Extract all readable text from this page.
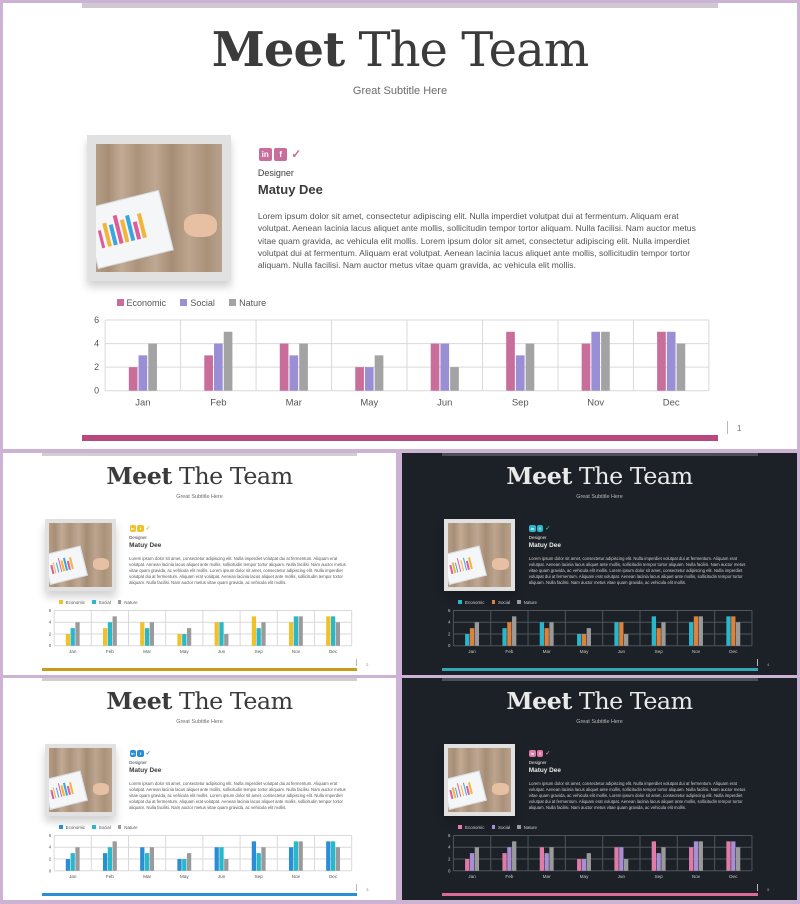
Meet The Team
Great Subtitle Here
in	f ✓
Designer
Matuy Dee
Lorem ipsum dolor sit amet, consectetur adipiscing elit. Nulla imperdiet volutpat dui at fermentum. Aliquam erat volutpat. Aenean lacinia lacus aliquet ante mollis, sollicitudin tempor tortor aliquam. Nulla facilisi. Nam auctor metus vitae quam gravida, ac vehicula elit mollis. Lorem ipsum dolor sit amet, consectetur adipiscing elit. Nulla imperdiet volutpat dui at fermentum. Aliquam erat volutpat. Aenean lacinia lacus aliquet ante mollis, sollicitudin tempor tortor aliquam. Nulla facilisi. Nam auctor metus vitae quam gravida, ac vehicula elit mollis.
Economic	Social	Nature
0
2
4
6
Jan	Feb	Mar	May	Jun	Sep	Nov	Dec
1
Meet The Team
Great Subtitle Here
in	f ✓
Designer
Matuy Dee
Lorem ipsum dolor sit amet, consectetur adipiscing elit. Nulla imperdiet volutpat dui at fermentum. Aliquam erat volutpat. Aenean lacinia lacus aliquet ante mollis, sollicitudin tempor tortor aliquam. Nulla facilisi. Nam auctor metus vitae quam gravida, ac vehicula elit mollis. Lorem ipsum dolor sit amet, consectetur adipiscing elit. Nulla imperdiet volutpat dui at fermentum. Aliquam erat volutpat. Aenean lacinia lacus aliquet ante mollis, sollicitudin tempor tortor aliquam. Nulla facilisi. Nam auctor metus vitae quam gravida, ac vehicula elit mollis.
Economic	Social	Nature
0
2
4
6
Jan	Feb	Mar	May	Jun	Sep	Nov	Dec
2
Meet The Team
Great Subtitle Here
in	f ✓
Designer
Matuy Dee
Lorem ipsum dolor sit amet, consectetur adipiscing elit. Nulla imperdiet volutpat dui at fermentum. Aliquam erat volutpat. Aenean lacinia lacus aliquet ante mollis, sollicitudin tempor tortor aliquam. Nulla facilisi. Nam auctor metus vitae quam gravida, ac vehicula elit mollis. Lorem ipsum dolor sit amet, consectetur adipiscing elit. Nulla imperdiet volutpat dui at fermentum. Aliquam erat volutpat. Aenean lacinia lacus aliquet ante mollis, sollicitudin tempor tortor aliquam. Nulla facilisi. Nam auctor metus vitae quam gravida, ac vehicula elit mollis.
Economic	Social	Nature
0
2
4
6
Jan	Feb	Mar	May	Jun	Sep	Nov	Dec
4
Meet The Team
Great Subtitle Here
in	f ✓
Designer
Matuy Dee
Lorem ipsum dolor sit amet, consectetur adipiscing elit. Nulla imperdiet volutpat dui at fermentum. Aliquam erat volutpat. Aenean lacinia lacus aliquet ante mollis, sollicitudin tempor tortor aliquam. Nulla facilisi. Nam auctor metus vitae quam gravida, ac vehicula elit mollis. Lorem ipsum dolor sit amet, consectetur adipiscing elit. Nulla imperdiet volutpat dui at fermentum. Aliquam erat volutpat. Aenean lacinia lacus aliquet ante mollis, sollicitudin tempor tortor aliquam. Nulla facilisi. Nam auctor metus vitae quam gravida, ac vehicula elit mollis.
Economic	Social	Nature
0
2
4
6
Jan	Feb	Mar	May	Jun	Sep	Nov	Dec
3
Meet The Team
Great Subtitle Here
in	f ✓
Designer
Matuy Dee
Lorem ipsum dolor sit amet, consectetur adipiscing elit. Nulla imperdiet volutpat dui at fermentum. Aliquam erat volutpat. Aenean lacinia lacus aliquet ante mollis, sollicitudin tempor tortor aliquam. Nulla facilisi. Nam auctor metus vitae quam gravida, ac vehicula elit mollis. Lorem ipsum dolor sit amet, consectetur adipiscing elit. Nulla imperdiet volutpat dui at fermentum. Aliquam erat volutpat. Aenean lacinia lacus aliquet ante mollis, sollicitudin tempor tortor aliquam. Nulla facilisi. Nam auctor metus vitae quam gravida, ac vehicula elit mollis.
Economic	Social	Nature
0
2
4
6
Jan	Feb	Mar	May	Jun	Sep	Nov	Dec
5
